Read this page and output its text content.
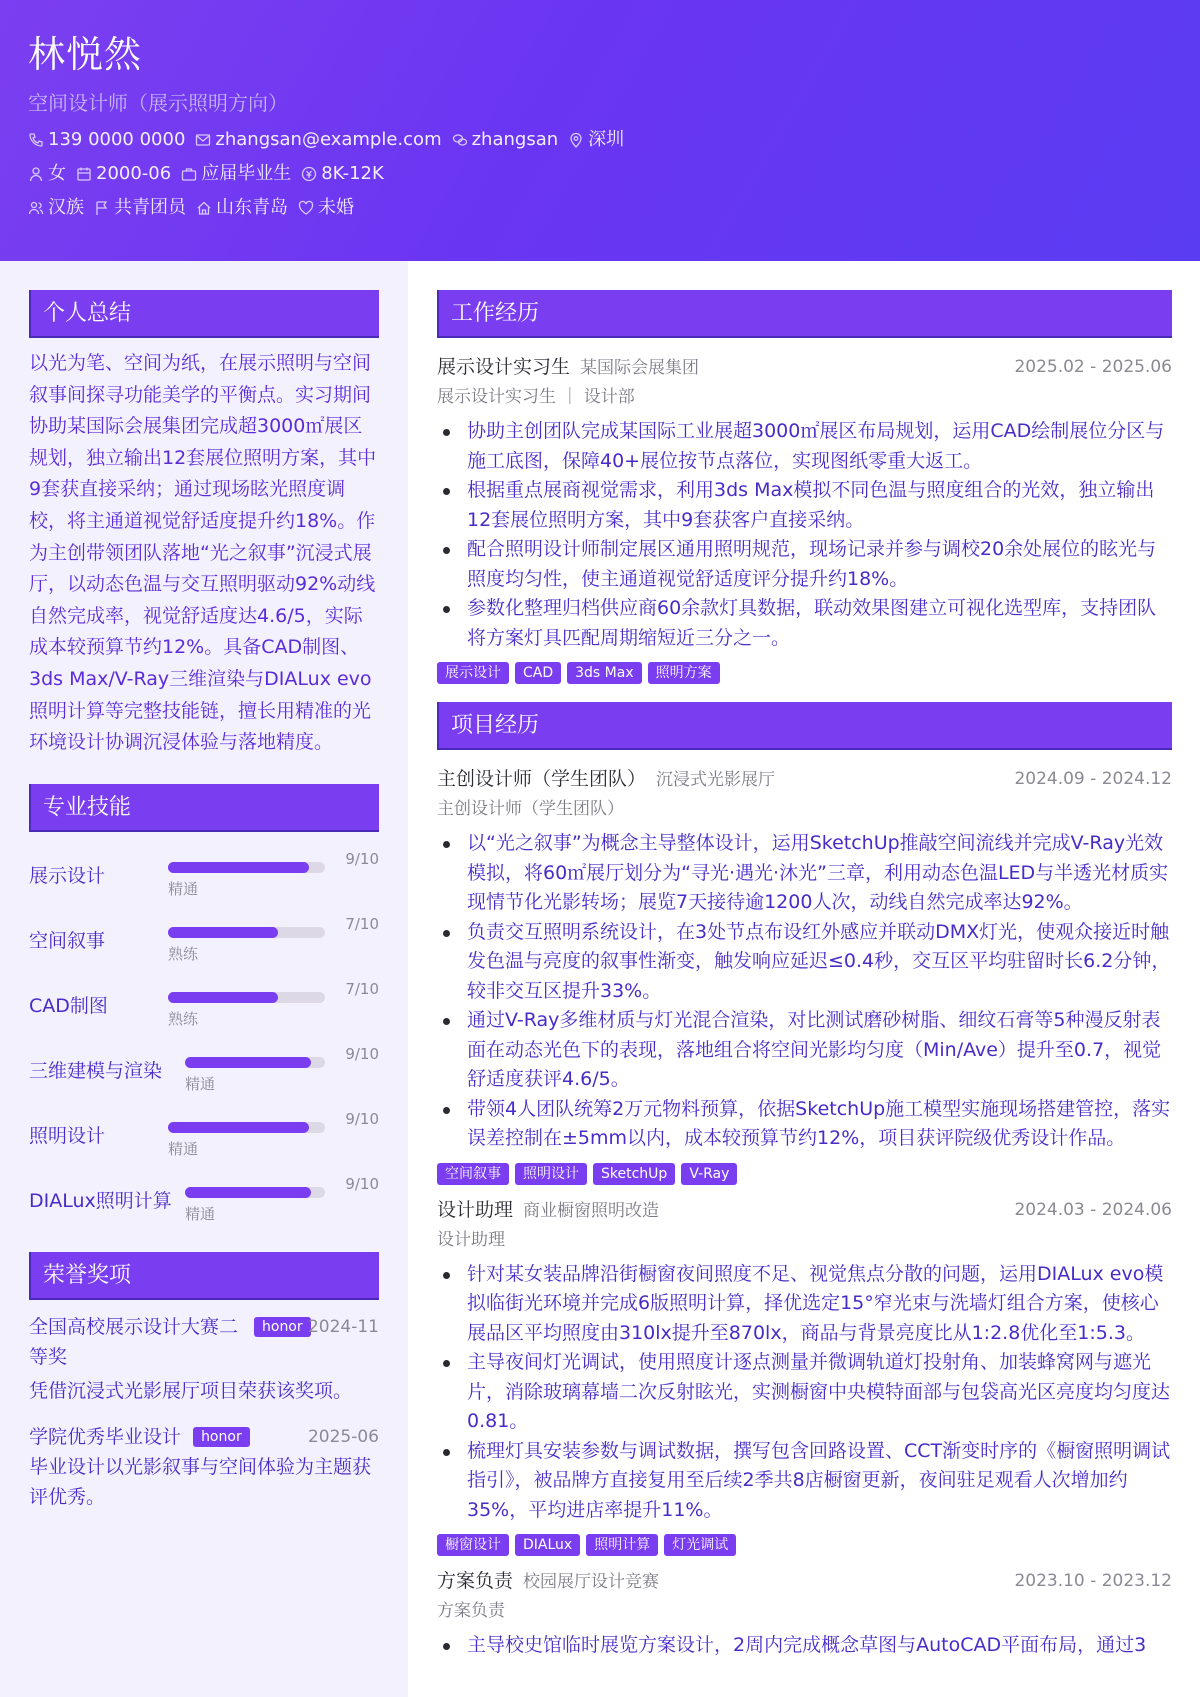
林悦然
空间设计师（展示照明方向）
139 0000 0000 zhangsan@example.com zhangsan 深圳
女 2000-06 应届毕业生 8K-12K
汉族 共青团员 山东青岛 未婚
个人总结
以光为笔、空间为纸，在展示照明与空间叙事间探寻功能美学的平衡点。实习期间协助某国际会展集团完成超3000㎡展区规划，独立输出12套展位照明方案，其中9套获直接采纳；通过现场眩光照度调校，将主通道视觉舒适度提升约18%。作为主创带领团队落地“光之叙事”沉浸式展厅，以动态色温与交互照明驱动92%动线自然完成率，视觉舒适度达4.6/5，实际成本较预算节约12%。具备CAD制图、3ds Max/V-Ray三维渲染与DIALux evo照明计算等完整技能链，擅长用精准的光环境设计协调沉浸体验与落地精度。
专业技能
展示设计
9/10
精通
空间叙事
7/10
熟练
CAD制图
7/10
熟练
三维建模与渲染
9/10
精通
照明设计
9/10
精通
DIALux照明计算
9/10
精通
荣誉奖项
全国高校展示设计大赛二等奖
honor 2024-11
凭借沉浸式光影展厅项目荣获该奖项。
学院优秀毕业设计 honor	2025-06
毕业设计以光影叙事与空间体验为主题获评优秀。
工作经历
展示设计实习生 某国际会展集团	2025.02 - 2025.06
展示设计实习生 ｜ 设计部
协助主创团队完成某国际工业展超3000㎡展区布局规划，运用CAD绘制展位分区与施工底图，保障40+展位按节点落位，实现图纸零重大返工。
根据重点展商视觉需求，利用3ds Max模拟不同色温与照度组合的光效，独立输出12套展位照明方案，其中9套获客户直接采纳。
配合照明设计师制定展区通用照明规范，现场记录并参与调校20余处展位的眩光与照度均匀性，使主通道视觉舒适度评分提升约18%。
参数化整理归档供应商60余款灯具数据，联动效果图建立可视化选型库，支持团队将方案灯具匹配周期缩短近三分之一。
展示设计	CAD	3ds Max	照明方案
项目经历
主创设计师（学生团队） 沉浸式光影展厅	2024.09 - 2024.12
主创设计师（学生团队）
以“光之叙事”为概念主导整体设计，运用SketchUp推敲空间流线并完成V-Ray光效模拟，将60㎡展厅划分为“寻光·遇光·沐光”三章，利用动态色温LED与半透光材质实现情节化光影转场；展览7天接待逾1200人次，动线自然完成率达92%。
负责交互照明系统设计，在3处节点布设红外感应并联动DMX灯光，使观众接近时触发色温与亮度的叙事性渐变，触发响应延迟≤0.4秒，交互区平均驻留时长6.2分钟，较非交互区提升33%。
通过V-Ray多维材质与灯光混合渲染，对比测试磨砂树脂、细纹石膏等5种漫反射表面在动态光色下的表现，落地组合将空间光影均匀度（Min/Ave）提升至0.7，视觉舒适度获评4.6/5。
带领4人团队统筹2万元物料预算，依据SketchUp施工模型实施现场搭建管控，落实误差控制在±5mm以内，成本较预算节约12%，项目获评院级优秀设计作品。
空间叙事	照明设计	SketchUp	V-Ray
设计助理 商业橱窗照明改造	2024.03 - 2024.06
设计助理
针对某女装品牌沿街橱窗夜间照度不足、视觉焦点分散的问题，运用DIALux evo模拟临街光环境并完成6版照明计算，择优选定15°窄光束与洗墙灯组合方案，使核心展品区平均照度由310lx提升至870lx，商品与背景亮度比从1:2.8优化至1:5.3。
主导夜间灯光调试，使用照度计逐点测量并微调轨道灯投射角、加装蜂窝网与遮光片，消除玻璃幕墙二次反射眩光，实测橱窗中央模特面部与包袋高光区亮度均匀度达0.81。
梳理灯具安装参数与调试数据，撰写包含回路设置、CCT渐变时序的《橱窗照明调试指引》，被品牌方直接复用至后续2季共8店橱窗更新，夜间驻足观看人次增加约35%，平均进店率提升11%。
橱窗设计	DIALux	照明计算	灯光调试
方案负责 校园展厅设计竞赛	2023.10 - 2023.12
方案负责
主导校史馆临时展览方案设计，2周内完成概念草图与AutoCAD平面布局，通过3
